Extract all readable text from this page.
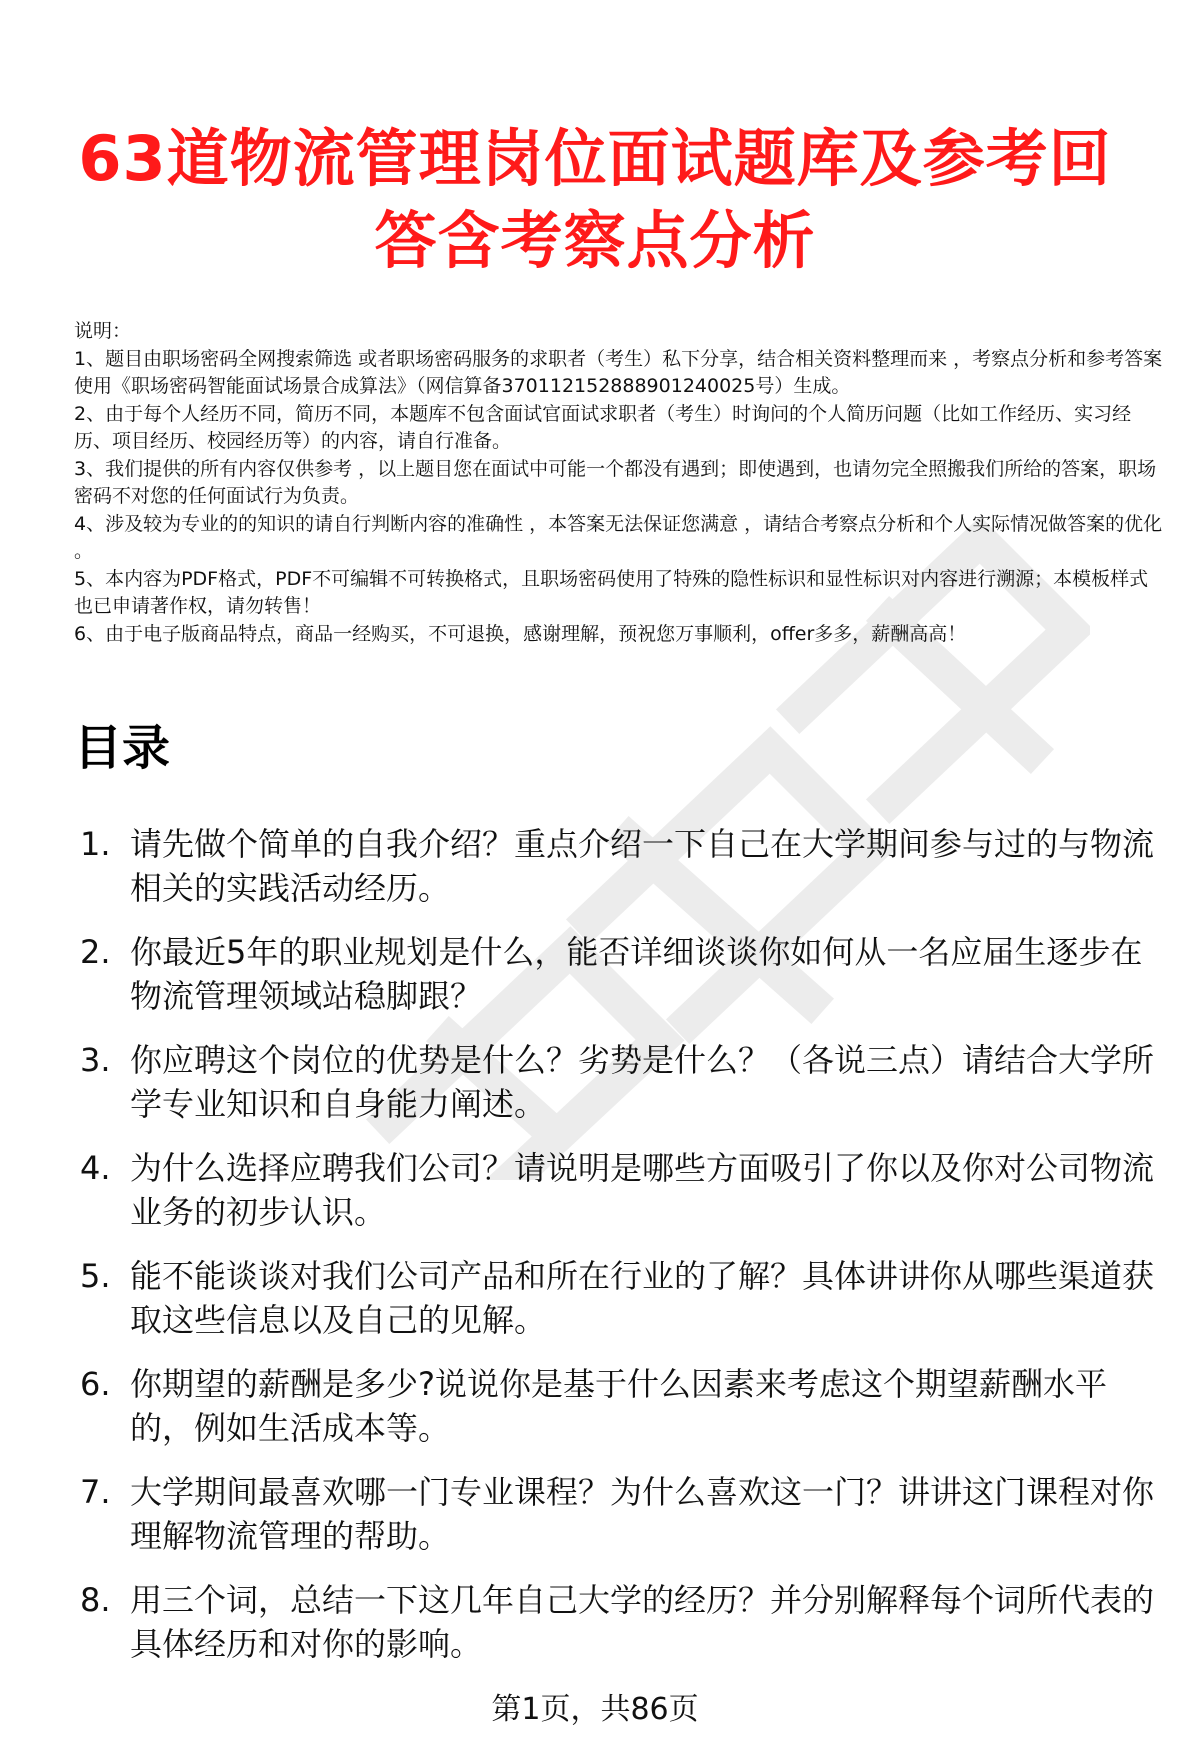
63道物流管理岗位面试题库及参考回答含考察点分析
说明：
1、题目由职场密码全网搜索筛选 或者职场密码服务的求职者（考生）私下分享，结合相关资料整理而来 ，考察点分析和参考答案使用《职场密码智能面试场景合成算法》（网信算备370112152888901240025号）生成。
2、由于每个人经历不同，简历不同，本题库不包含面试官面试求职者（考生）时询问的个人简历问题（比如工作经历、实习经历、项目经历、校园经历等）的内容，请自行准备。
3、我们提供的所有内容仅供参考 ，以上题目您在面试中可能一个都没有遇到；即使遇到，也请勿完全照搬我们所给的答案，职场密码不对您的任何面试行为负责。
4、涉及较为专业的的知识的请自行判断内容的准确性 ，本答案无法保证您满意 ，请结合考察点分析和个人实际情况做答案的优化 。
5、本内容为PDF格式，PDF不可编辑不可转换格式，且职场密码使用了特殊的隐性标识和显性标识对内容进行溯源；本模板样式也已申请著作权，请勿转售！
6、由于电子版商品特点，商品一经购买，不可退换，感谢理解，预祝您万事顺利，offer多多，薪酬高高！
目录
1. 请先做个简单的自我介绍？重点介绍一下自己在大学期间参与过的与物流相关的实践活动经历。
2. 你最近5年的职业规划是什么，能否详细谈谈你如何从一名应届生逐步在物流管理领域站稳脚跟？
3. 你应聘这个岗位的优势是什么？劣势是什么？（各说三点）请结合大学所学专业知识和自身能力阐述。
4. 为什么选择应聘我们公司？请说明是哪些方面吸引了你以及你对公司物流业务的初步认识。
5. 能不能谈谈对我们公司产品和所在行业的了解？具体讲讲你从哪些渠道获取这些信息以及自己的见解。
6. 你期望的薪酬是多少?说说你是基于什么因素来考虑这个期望薪酬水平的，例如生活成本等。
7. 大学期间最喜欢哪一门专业课程？为什么喜欢这一门？讲讲这门课程对你理解物流管理的帮助。
8. 用三个词，总结一下这几年自己大学的经历？并分别解释每个词所代表的具体经历和对你的影响。
第1页，共86页
